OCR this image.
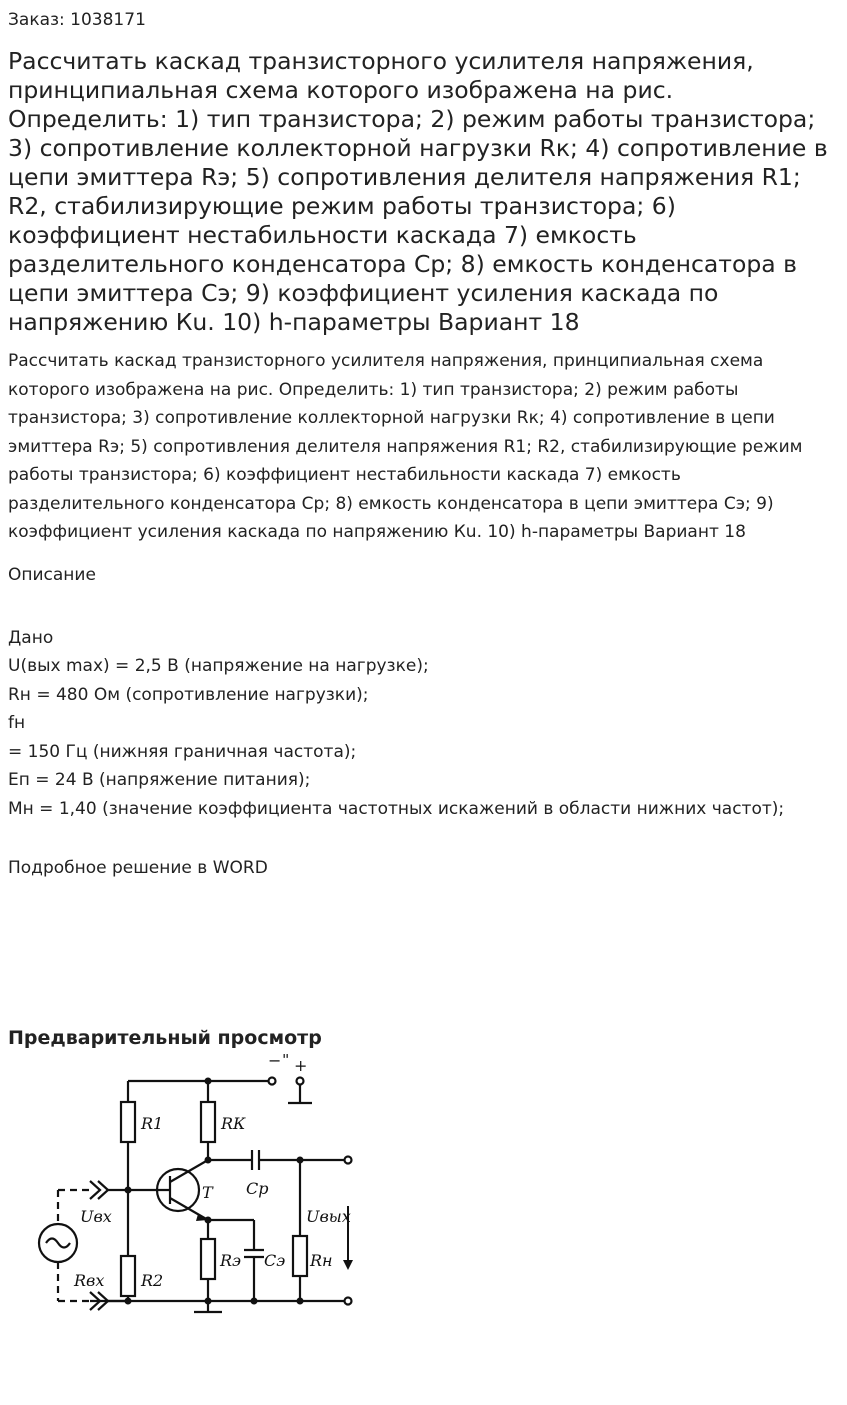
Заказ: 1038171
Рассчитать каскад транзисторного усилителя напряжения, принципиальная схема которого изображена на рис. Определить: 1) тип транзистора; 2) режим работы транзистора; 3) сопротивление коллекторной нагрузки Rк; 4) сопротивление в цепи эмиттера Rэ; 5) сопротивления делителя напряжения R1; R2, стабилизирующие режим работы транзистора; 6) коэффициент нестабильности каскада 7) емкость разделительного конденсатора Ср; 8) емкость конденсатора в цепи эмиттера Сэ; 9) коэффициент усиления каскада по напряжению Кu. 10) h-параметры Вариант 18
Рассчитать каскад транзисторного усилителя напряжения, принципиальная схема которого изображена на рис. Определить: 1) тип транзистора; 2) режим работы транзистора; 3) сопротивление коллекторной нагрузки Rк; 4) сопротивление в цепи эмиттера Rэ; 5) сопротивления делителя напряжения R1; R2, стабилизирующие режим работы транзистора; 6) коэффициент нестабильности каскада 7) емкость разделительного конденсатора Ср; 8) емкость конденсатора в цепи эмиттера Сэ; 9) коэффициент усиления каскада по напряжению Кu. 10) h-параметры Вариант 18
Описание
Дано
U(вых max) = 2,5 В (напряжение на нагрузке);
Rн = 480 Ом (сопротивление нагрузки);
fн
= 150 Гц (нижняя граничная частота);
Еп = 24 В (напряжение питания);
Мн = 1,40 (значение коэффициента частотных искажений в области нижних частот);
Подробное решение в WORD
Предварительный просмотр
R1	RК
T Cp
Uвх	Uвых
Rвх R2
Rэ Cэ Rн
− " +
